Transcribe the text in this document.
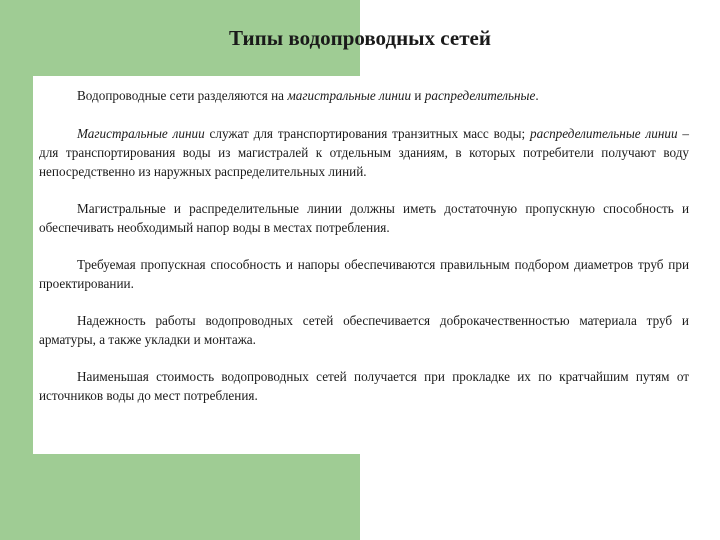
Типы водопроводных сетей

Водопроводные сети разделяются на магистральные линии и распределительные.

Магистральные линии служат для транспортирования транзитных масс воды; распределительные линии – для транспортирования воды из магистралей к отдельным зданиям, в которых потребители получают воду непосредственно из наружных распределительных линий.

Магистральные и распределительные линии должны иметь достаточную пропускную способность и обеспечивать необходимый напор воды в местах потребления.

Требуемая пропускная способность и напоры обеспечиваются правильным подбором диаметров труб при проектировании.

Надежность работы водопроводных сетей обеспечивается доброкачественностью материала труб и арматуры, а также укладки и монтажа.

Наименьшая стоимость водопроводных сетей получается при прокладке их по кратчайшим путям от источников воды до мест потребления.
